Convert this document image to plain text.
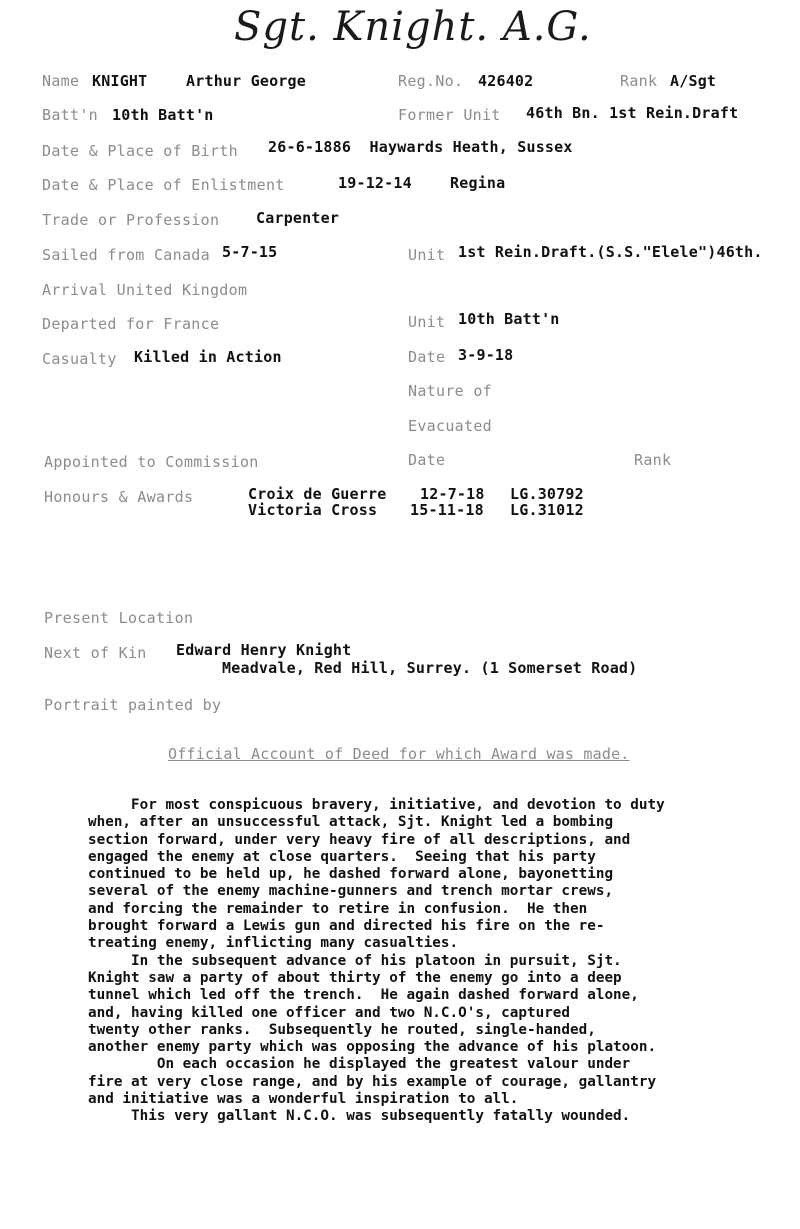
Sgt. Knight. A.G.
Name KNIGHT	Arthur George	Reg.No. 426402	Rank A/Sgt
Batt'n 10th Batt'n	Former Unit 46th Bn. 1st Rein.Draft
Date & Place of Birth 26-6-1886  Haywards Heath, Sussex
Date & Place of Enlistment	19-12-14	Regina
Trade or Profession Carpenter
Sailed from Canada 5-7-15	Unit 1st Rein.Draft.(S.S."Elele")46th.
Arrival United Kingdom
Departed for France	Unit 10th Batt'n
Casualty Killed in Action	Date 3-9-18
Nature of
Evacuated
Appointed to Commission	Date	Rank
Honours & Awards	Croix de Guerre 12-7-18 LG.30792
Victoria Cross 15-11-18 LG.31012
Present Location
Next of Kin Edward Henry Knight
Meadvale, Red Hill, Surrey. (1 Somerset Road)
Portrait painted by
Official Account of Deed for which Award was made.

For most conspicuous bravery, initiative, and devotion to duty

when, after an unsuccessful attack, Sjt. Knight led a bombing

section forward, under very heavy fire of all descriptions, and

engaged the enemy at close quarters.  Seeing that his party

continued to be held up, he dashed forward alone, bayonetting

several of the enemy machine-gunners and trench mortar crews,

and forcing the remainder to retire in confusion.  He then

brought forward a Lewis gun and directed his fire on the re-

treating enemy, inflicting many casualties.

In the subsequent advance of his platoon in pursuit, Sjt.

Knight saw a party of about thirty of the enemy go into a deep

tunnel which led off the trench.  He again dashed forward alone,

and, having killed one officer and two N.C.O's, captured

twenty other ranks.  Subsequently he routed, single-handed,

another enemy party which was opposing the advance of his platoon.

On each occasion he displayed the greatest valour under

fire at very close range, and by his example of courage, gallantry

and initiative was a wonderful inspiration to all.

This very gallant N.C.O. was subsequently fatally wounded.
